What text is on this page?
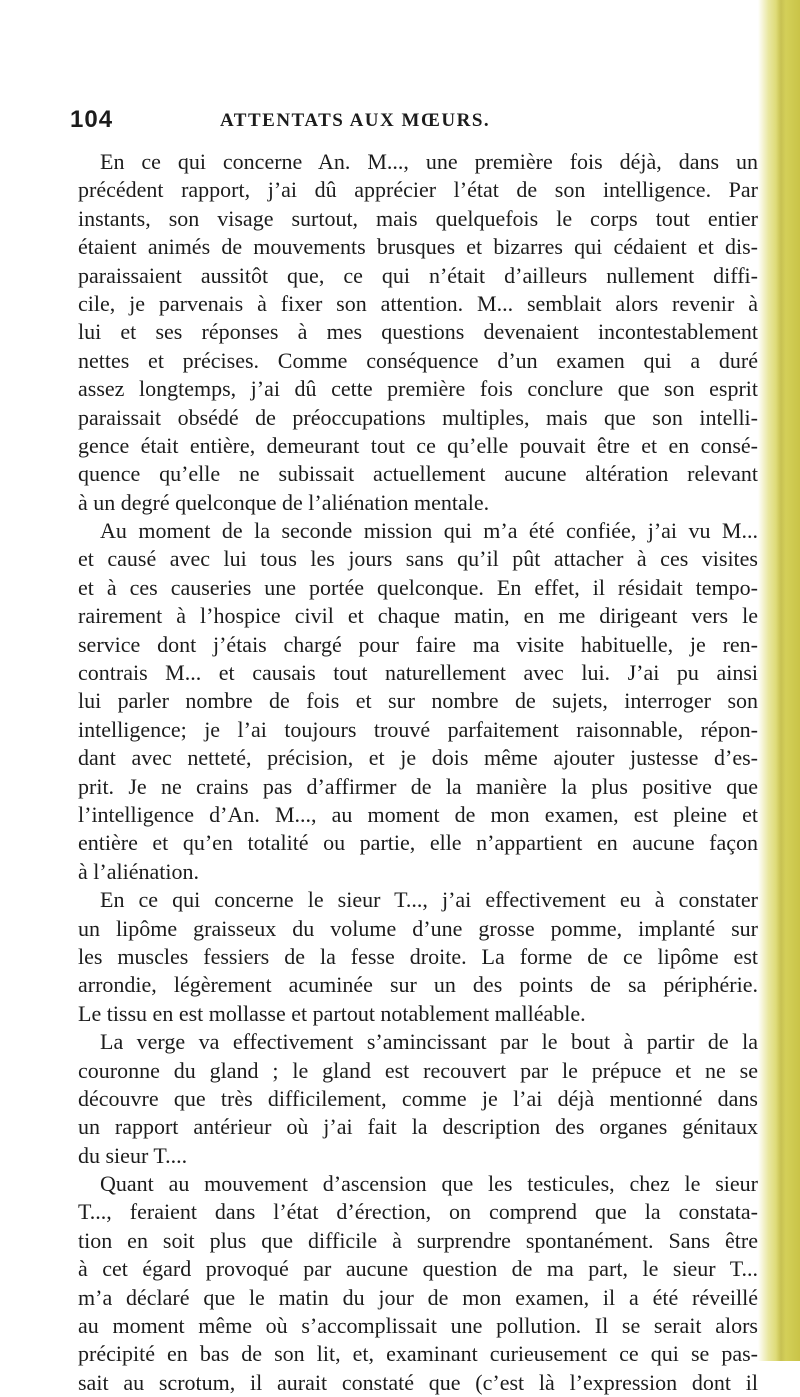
104	ATTENTATS AUX MŒURS.
En ce qui concerne An. M..., une première fois déjà, dans un
précédent rapport, j’ai dû apprécier l’état de son intelligence. Par
instants, son visage surtout, mais quelquefois le corps tout entier
étaient animés de mouvements brusques et bizarres qui cédaient et dis-
paraissaient aussitôt que, ce qui n’était d’ailleurs nullement diffi-
cile, je parvenais à fixer son attention. M... semblait alors revenir à
lui et ses réponses à mes questions devenaient incontestablement
nettes et précises. Comme conséquence d’un examen qui a duré
assez longtemps, j’ai dû cette première fois conclure que son esprit
paraissait obsédé de préoccupations multiples, mais que son intelli-
gence était entière, demeurant tout ce qu’elle pouvait être et en consé-
quence qu’elle ne subissait actuellement aucune altération relevant
à un degré quelconque de l’aliénation mentale.
Au moment de la seconde mission qui m’a été confiée, j’ai vu M...
et causé avec lui tous les jours sans qu’il pût attacher à ces visites
et à ces causeries une portée quelconque. En effet, il résidait tempo-
rairement à l’hospice civil et chaque matin, en me dirigeant vers le
service dont j’étais chargé pour faire ma visite habituelle, je ren-
contrais M... et causais tout naturellement avec lui. J’ai pu ainsi
lui parler nombre de fois et sur nombre de sujets, interroger son
intelligence; je l’ai toujours trouvé parfaitement raisonnable, répon-
dant avec netteté, précision, et je dois même ajouter justesse d’es-
prit. Je ne crains pas d’affirmer de la manière la plus positive que
l’intelligence d’An. M..., au moment de mon examen, est pleine et
entière et qu’en totalité ou partie, elle n’appartient en aucune façon
à l’aliénation.
En ce qui concerne le sieur T..., j’ai effectivement eu à constater
un lipôme graisseux du volume d’une grosse pomme, implanté sur
les muscles fessiers de la fesse droite. La forme de ce lipôme est
arrondie, légèrement acuminée sur un des points de sa périphérie.
Le tissu en est mollasse et partout notablement malléable.
La verge va effectivement s’amincissant par le bout à partir de la
couronne du gland ; le gland est recouvert par le prépuce et ne se
découvre que très difficilement, comme je l’ai déjà mentionné dans
un rapport antérieur où j’ai fait la description des organes génitaux
du sieur T....
Quant au mouvement d’ascension que les testicules, chez le sieur
T..., feraient dans l’état d’érection, on comprend que la constata-
tion en soit plus que difficile à surprendre spontanément. Sans être
à cet égard provoqué par aucune question de ma part, le sieur T...
m’a déclaré que le matin du jour de mon examen, il a été réveillé
au moment même où s’accomplissait une pollution. Il se serait alors
précipité en bas de son lit, et, examinant curieusement ce qui se pas-
sait au scrotum, il aurait constaté que (c’est là l’expression dont il
